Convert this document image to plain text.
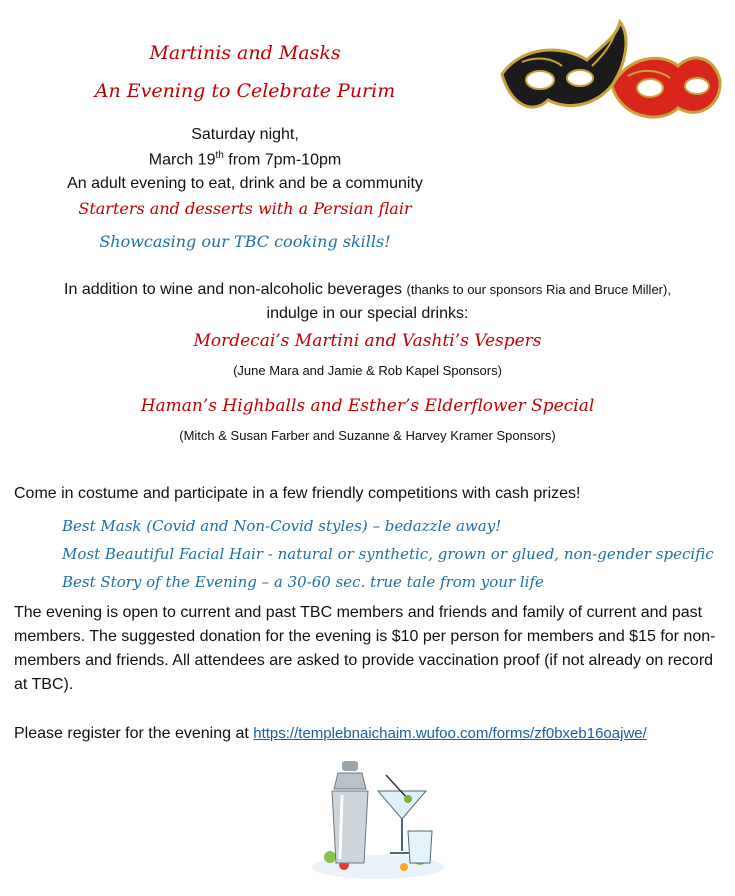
Martinis and Masks
An Evening to Celebrate Purim
Saturday night,
March 19th from 7pm-10pm
An adult evening to eat, drink and be a community
Starters and desserts with a Persian flair
Showcasing our TBC cooking skills!
In addition to wine and non-alcoholic beverages (thanks to our sponsors Ria and Bruce Miller),
indulge in our special drinks:
Mordecai’s Martini and Vashti’s Vespers
(June Mara and Jamie & Rob Kapel Sponsors)
Haman’s Highballs and Esther’s Elderflower Special
(Mitch & Susan Farber and Suzanne & Harvey Kramer Sponsors)
Come in costume and participate in a few friendly competitions with cash prizes!
Best Mask (Covid and Non-Covid styles) – bedazzle away!
Most Beautiful Facial Hair - natural or synthetic, grown or glued, non-gender specific
Best Story of the Evening – a 30-60 sec. true tale from your life
The evening is open to current and past TBC members and friends and family of current and past members. The suggested donation for the evening is $10 per person for members and $15 for non-members and friends. All attendees are asked to provide vaccination proof (if not already on record at TBC).
Please register for the evening at https://templebnaichaim.wufoo.com/forms/zf0bxeb16oajwe/
